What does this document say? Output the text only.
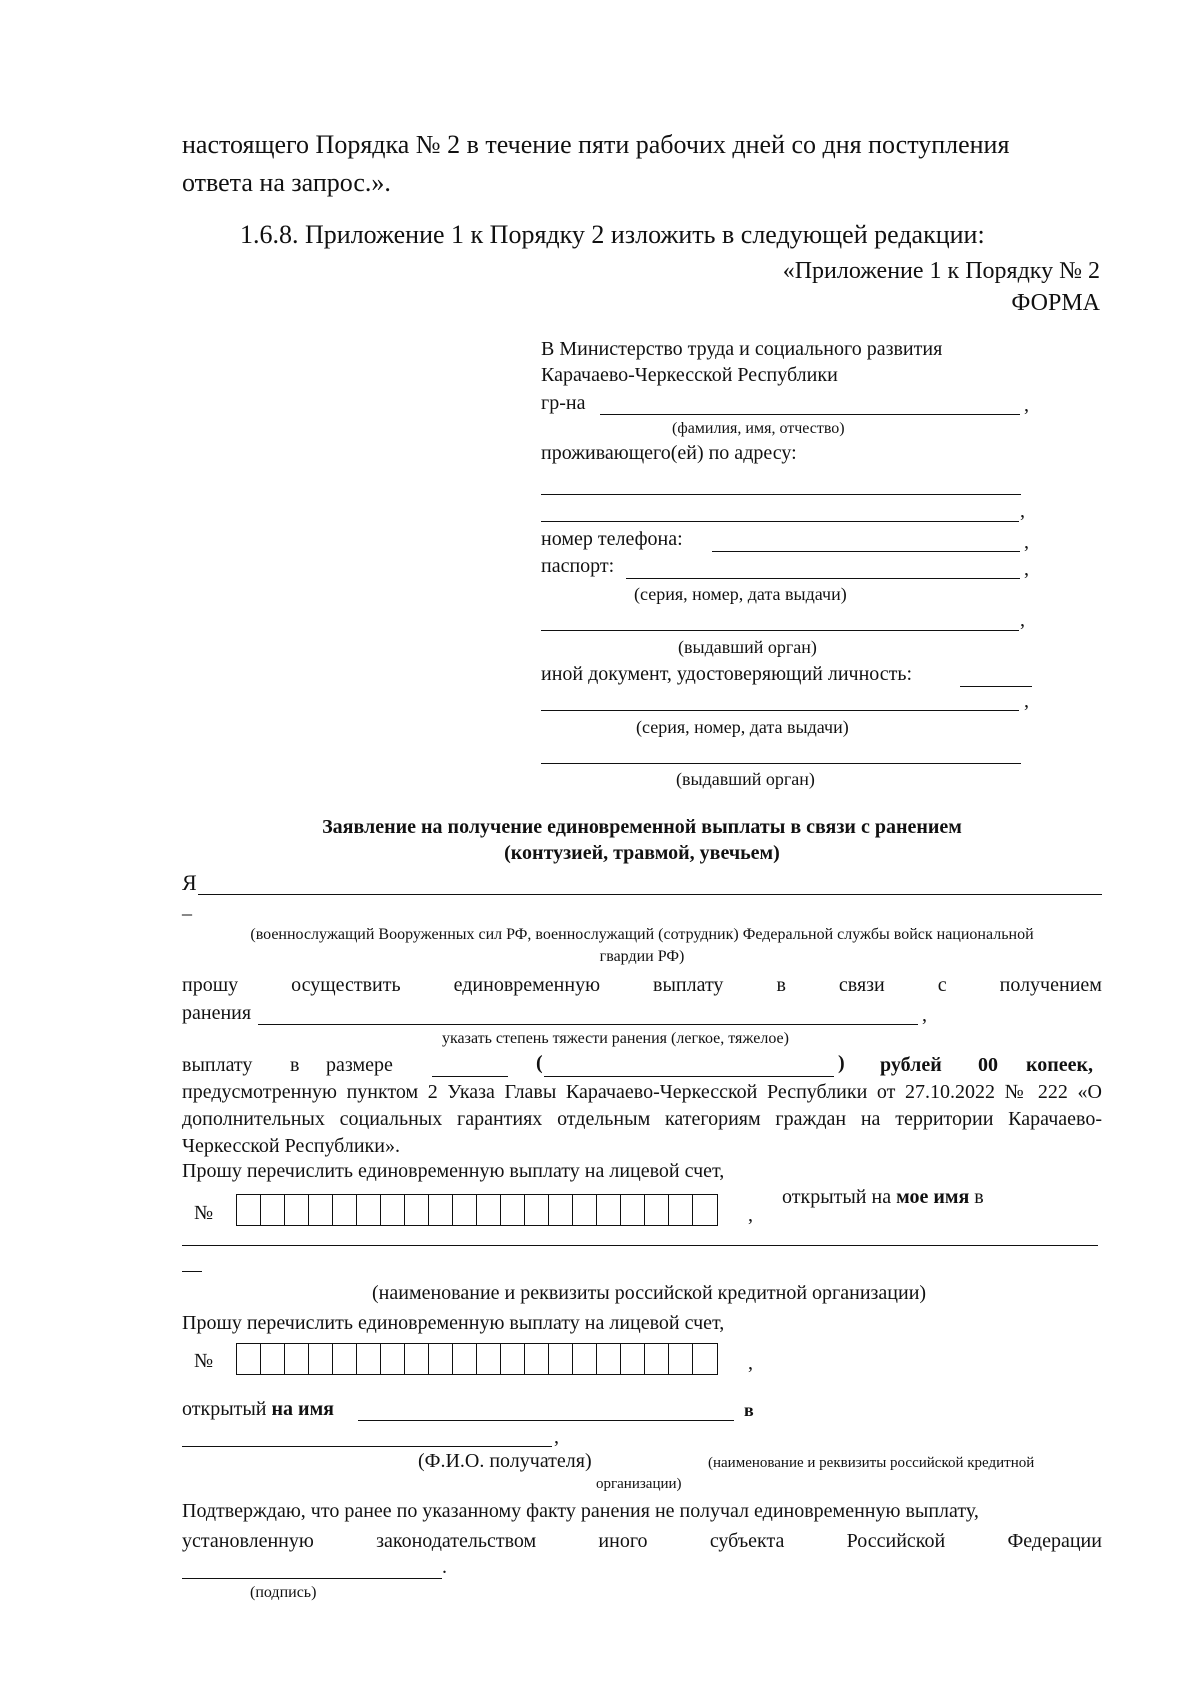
настоящего Порядка № 2 в течение пяти рабочих дней со дня поступления
ответа на запрос.».
1.6.8. Приложение 1 к Порядку 2 изложить в следующей редакции:
«Приложение 1 к Порядку № 2
ФОРМА
В Министерство труда и социального развития
Карачаево-Черкесской Республики
гр-на	,
(фамилия, имя, отчество)
проживающего(ей) по адресу:
,
номер телефона:	,
паспорт:	,
(серия, номер, дата выдачи)
,
(выдавший орган)
иной документ, удостоверяющий личность:
,
(серия, номер, дата выдачи)
(выдавший орган)
Заявление на получение единовременной выплаты в связи с ранением
(контузией, травмой, увечьем)
Я
_
(военнослужащий Вооруженных сил РФ, военнослужащий (сотрудник) Федеральной службы войск национальной
гвардии РФ)
прошу	осуществить	единовременную	выплату	в	связи	с	получением
ранения	,
указать степень тяжести ранения (легкое, тяжелое)
выплату в размере	(	) рублей 00 копеек,
предусмотренную пунктом 2 Указа Главы Карачаево-Черкесской Республики от 27.10.2022 № 222 «О дополнительных социальных гарантиях отдельным категориям граждан на территории Карачаево-Черкесской Республики».
Прошу перечислить единовременную выплату на лицевой счет,
№	,
открытый на мое имя в
(наименование и реквизиты российской кредитной организации)
Прошу перечислить единовременную выплату на лицевой счет,
№	,
открытый на имя	в
,
(Ф.И.О. получателя)	(наименование и реквизиты российской кредитной
организации)
Подтверждаю, что ранее по указанному факту ранения не получал единовременную выплату,
установленную	законодательством	иного	субъекта	Российской	Федерации
.
(подпись)
